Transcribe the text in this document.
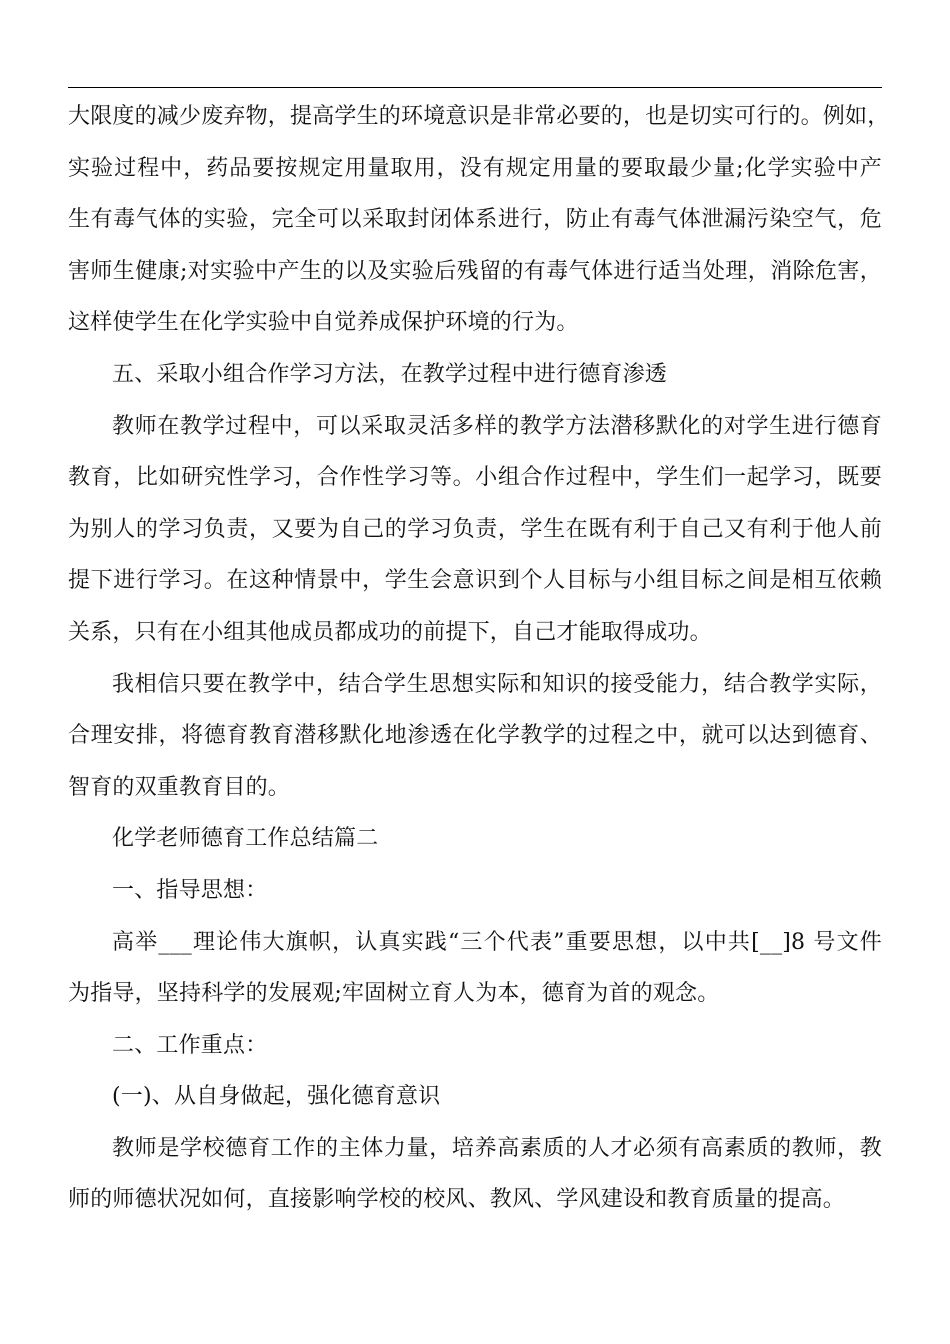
大限度的减少废弃物，提高学生的环境意识是非常必要的，也是切实可行的。例如，
实验过程中，药品要按规定用量取用，没有规定用量的要取最少量;化学实验中产
生有毒气体的实验，完全可以采取封闭体系进行，防止有毒气体泄漏污染空气，危
害师生健康;对实验中产生的以及实验后残留的有毒气体进行适当处理，消除危害，
这样使学生在化学实验中自觉养成保护环境的行为。
五、采取小组合作学习方法，在教学过程中进行德育渗透
教师在教学过程中，可以采取灵活多样的教学方法潜移默化的对学生进行德育
教育，比如研究性学习，合作性学习等。小组合作过程中，学生们一起学习，既要
为别人的学习负责，又要为自己的学习负责，学生在既有利于自己又有利于他人前
提下进行学习。在这种情景中，学生会意识到个人目标与小组目标之间是相互依赖
关系，只有在小组其他成员都成功的前提下，自己才能取得成功。
我相信只要在教学中，结合学生思想实际和知识的接受能力，结合教学实际，
合理安排，将德育教育潜移默化地渗透在化学教学的过程之中，就可以达到德育、
智育的双重教育目的。
化学老师德育工作总结篇二
一、指导思想：
高举___理论伟大旗帜，认真实践“三个代表”重要思想，以中共[__]8 号文件
为指导，坚持科学的发展观;牢固树立育人为本，德育为首的观念。
二、工作重点：
(一)、从自身做起，强化德育意识
教师是学校德育工作的主体力量，培养高素质的人才必须有高素质的教师，教
师的师德状况如何，直接影响学校的校风、教风、学风建设和教育质量的提高。
